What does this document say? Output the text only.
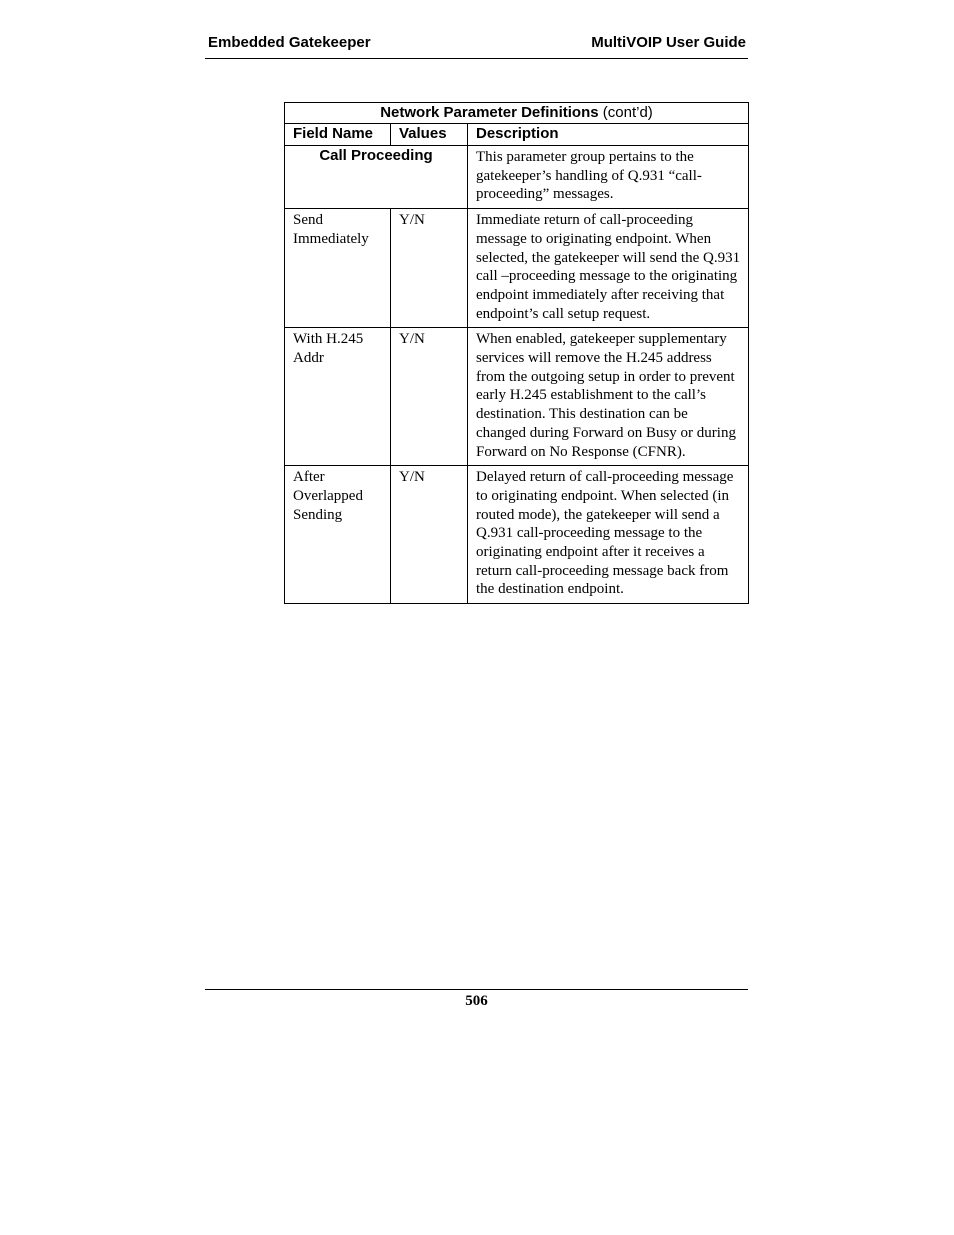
Embedded Gatekeeper	MultiVOIP User Guide
Network Parameter Definitions (cont’d)		
Field Name	Values	Description
Call Proceeding		This parameter group pertains to the gatekeeper’s handling of Q.931 “call-proceeding” messages.
Send Immediately	Y/N	Immediate return of call-proceeding message to originating endpoint. When selected, the gatekeeper will send the Q.931 call –proceeding message to the originating endpoint immediately after receiving that endpoint’s call setup request.
With H.245 Addr	Y/N	When enabled, gatekeeper supplementary services will remove the H.245 address from the outgoing setup in order to prevent early H.245 establishment to the call’s destination. This destination can be changed during Forward on Busy or during Forward on No Response (CFNR).
After Overlapped Sending	Y/N	Delayed return of call-proceeding message to originating endpoint. When selected (in routed mode), the gatekeeper will send a Q.931 call-proceeding message to the originating endpoint after it receives a return call-proceeding message back from the destination endpoint.
506
